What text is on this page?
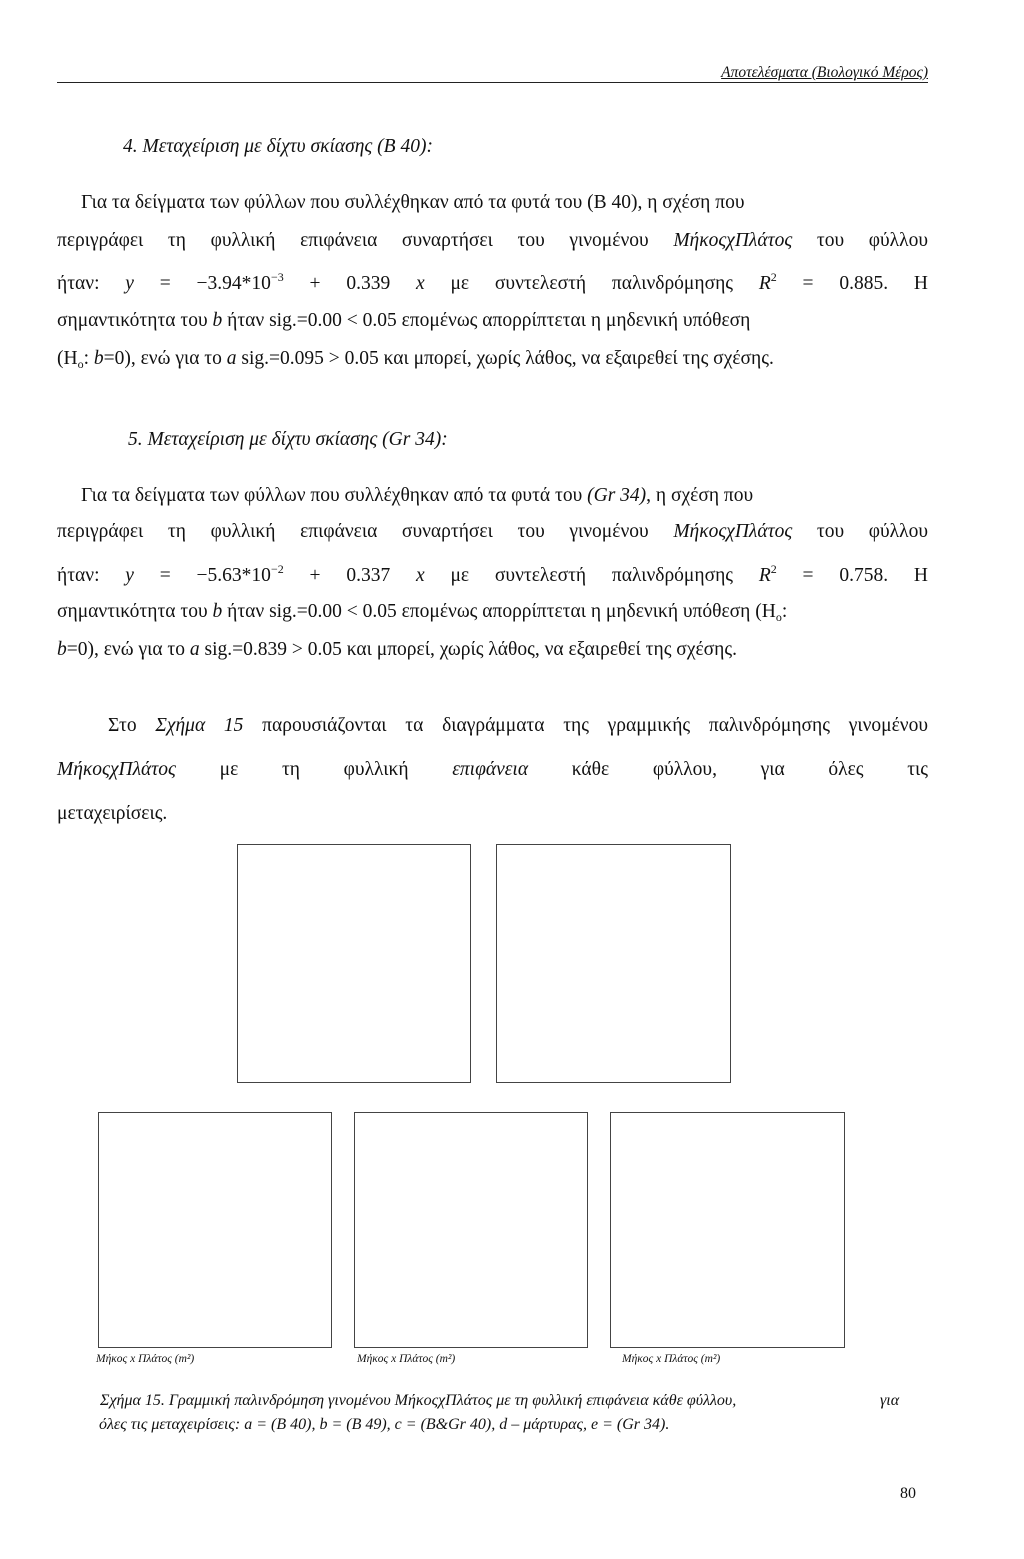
Αποτελέσματα (Βιολογικό Μέρος)
4. Μεταχείριση με δίχτυ σκίασης (B 40):
Για τα δείγματα των φύλλων που συλλέχθηκαν από τα φυτά του (B 40), η σχέση που
περιγράφει τη φυλλική επιφάνεια συναρτήσει του γινομένου ΜήκοςχΠλάτος του φύλλου
ήταν: $y = -3.94*10^{-3} + 0.339$ x με συντελεστή παλινδρόμησης $R^2 = 0.885$. Η
σημαντικότητα του b ήταν sig.=0.00 < 0.05 επομένως απορρίπτεται η μηδενική υπόθεση
($H_o$: b=0), ενώ για το a sig.=0.095 > 0.05 και μπορεί, χωρίς λάθος, να εξαιρεθεί της σχέσης.
5. Μεταχείριση με δίχτυ σκίασης (Gr 34):
Για τα δείγματα των φύλλων που συλλέχθηκαν από τα φυτά του (Gr 34), η σχέση που
περιγράφει τη φυλλική επιφάνεια συναρτήσει του γινομένου ΜήκοςχΠλάτος του φύλλου
ήταν: $y = -5.63*10^{-2} + 0.337$ x με συντελεστή παλινδρόμησης $R^2 = 0.758$. Η
σημαντικότητα του b ήταν sig.=0.00 < 0.05 επομένως απορρίπτεται η μηδενική υπόθεση ($H_o$:
b=0), ενώ για το a sig.=0.839 > 0.05 και μπορεί, χωρίς λάθος, να εξαιρεθεί της σχέσης.
Στο Σχήμα 15 παρουσιάζονται τα διαγράμματα της γραμμικής παλινδρόμησης γινομένου
ΜήκοςχΠλάτος με τη φυλλική επιφάνεια κάθε φύλλου, για όλες τις
μεταχειρίσεις.
Μήκος x Πλάτος (m²)	Μήκος x Πλάτος (m²)	Μήκος x Πλάτος (m²)
Σχήμα 15. Γραμμική παλινδρόμηση γινομένου ΜήκοςχΠλάτος με τη φυλλική επιφάνεια κάθε φύλλου,	για
όλες τις μεταχειρίσεις: a = (B 40), b = (B 49), c = (B&Gr 40), d – μάρτυρας, e = (Gr 34).
80
